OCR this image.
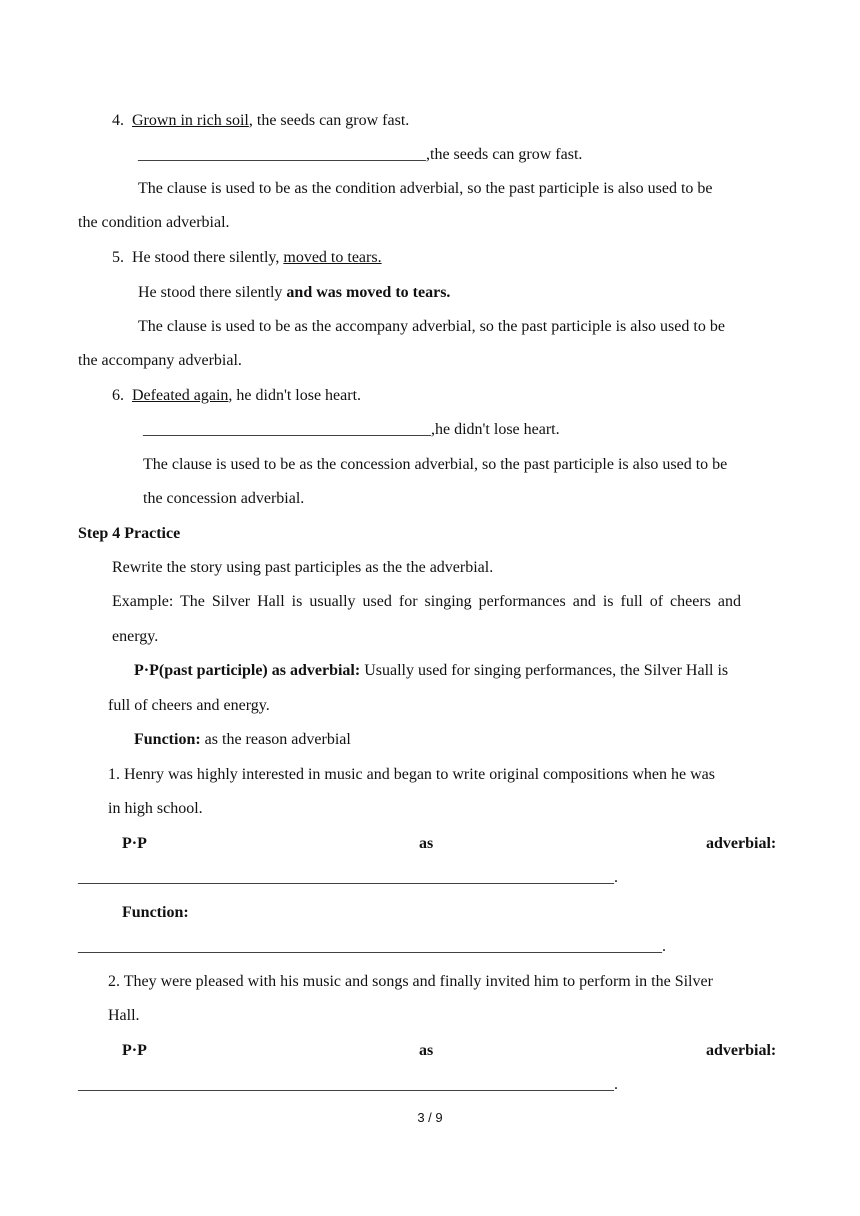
4. Grown in rich soil, the seeds can grow fast.
____________________________________,the seeds can grow fast.
The clause is used to be as the condition adverbial, so the past participle is also used to be
the condition adverbial.
5. He stood there silently, moved to tears.
He stood there silently and was moved to tears.
The clause is used to be as the accompany adverbial, so the past participle is also used to be
the accompany adverbial.
6. Defeated again, he didn't lose heart.
____________________________________,he didn't lose heart.
The clause is used to be as the concession adverbial, so the past participle is also used to be
the concession adverbial.
Step 4 Practice
Rewrite the story using past participles as the the adverbial.
Example: The Silver Hall is usually used for singing performances and is full of cheers and
energy.
P·P(past participle) as adverbial: Usually used for singing performances, the Silver Hall is
full of cheers and energy.
Function: as the reason adverbial
1. Henry was highly interested in music and began to write original compositions when he was
in high school.
P·P	as	adverbial:
___________________________________________________________________.
Function:
_________________________________________________________________________.
2. They were pleased with his music and songs and finally invited him to perform in the Silver
Hall.
P·P	as	adverbial:
___________________________________________________________________.
3 / 9
